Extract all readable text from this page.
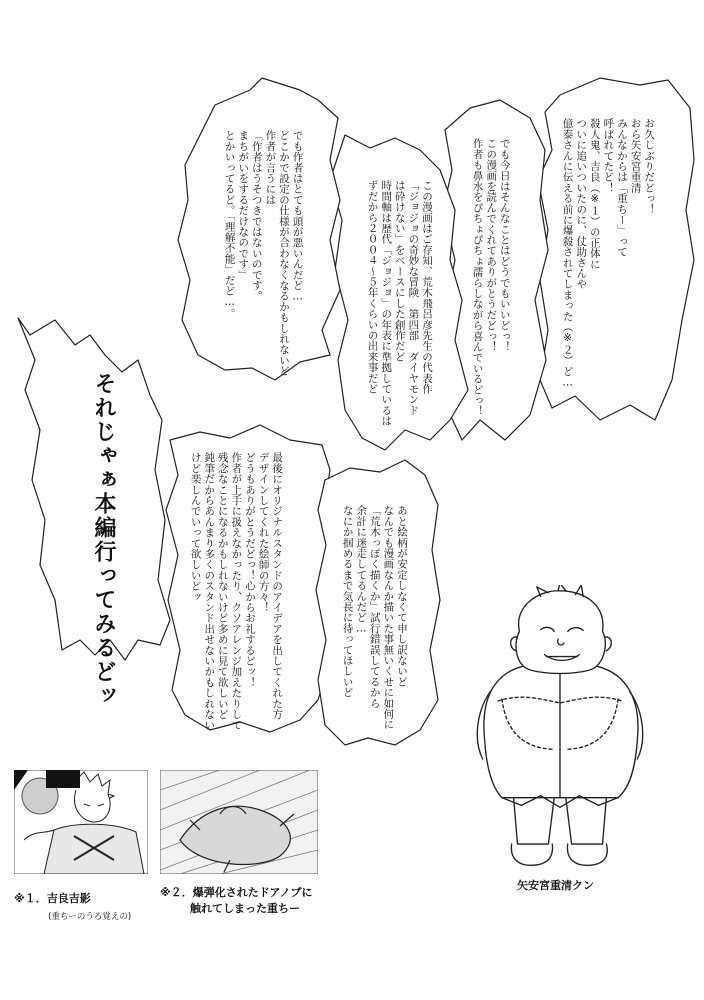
お久しぶりだどっ！
おら矢安宮重清
みんなからは「重ちー」って
呼ばれてたど！
殺人鬼、吉良（※１）の正体に
ついに追いついたのに、仗助さんや
億泰さんに伝える前に爆殺されてしまった（※２）ど…
でも今日はそんなことはどうでもいいどっ！
この漫画を読んでくれてありがとうだどっ！
作者も鼻水をぴちょぴちょ濡らしながら喜んでいるどっ！
この漫画はご存知、荒木飛呂彦先生の代表作
「ジョジョの奇妙な冒険　第四部　ダイヤモンド
は砕けない」をベースにした創作だど
時間軸は歴代「ジョジョ」の年表に準拠しているは
ずだから２００４～５年くらいの出来事だど
でも作者はとても頭が悪いんだど…
どこかで設定の仕様が合わなくなるかもしれないど
作者が言うには
「作者はうそつきではないのです。
まちがいをするだけなのです」
とかいってるど。「理解不能」だど…。
それじゃぁ本編行ってみるどッ	最後にオリジナルスタンドのアイデアを出してくれた方
デザインしてくれた絵師の方々！
どうもありがとうだどっ！心からお礼するどッ！
作者が上手に扱えなかったり、クソアレンジ加えたりして
残念なことになるかもしれないけど多めに見て欲しいど
鈍筆だからあんまり多くのスタンド出せないかもしれない
けど楽しんでいって欲しいどッ	あと絵柄が安定しなくて申し訳ないど
なんでも漫画なんか描いた事無いくせに如何に
「荒木っぽく描くか」試行錯誤してるから
余計に迷走してるんだど…
なにか掴めるまで気長に待ってほしいど
矢安宮重清クン
※１．吉良吉影
(重ちーのうろ覚えの)
※２．爆弾化されたドアノブに
触れてしまった重ちー
